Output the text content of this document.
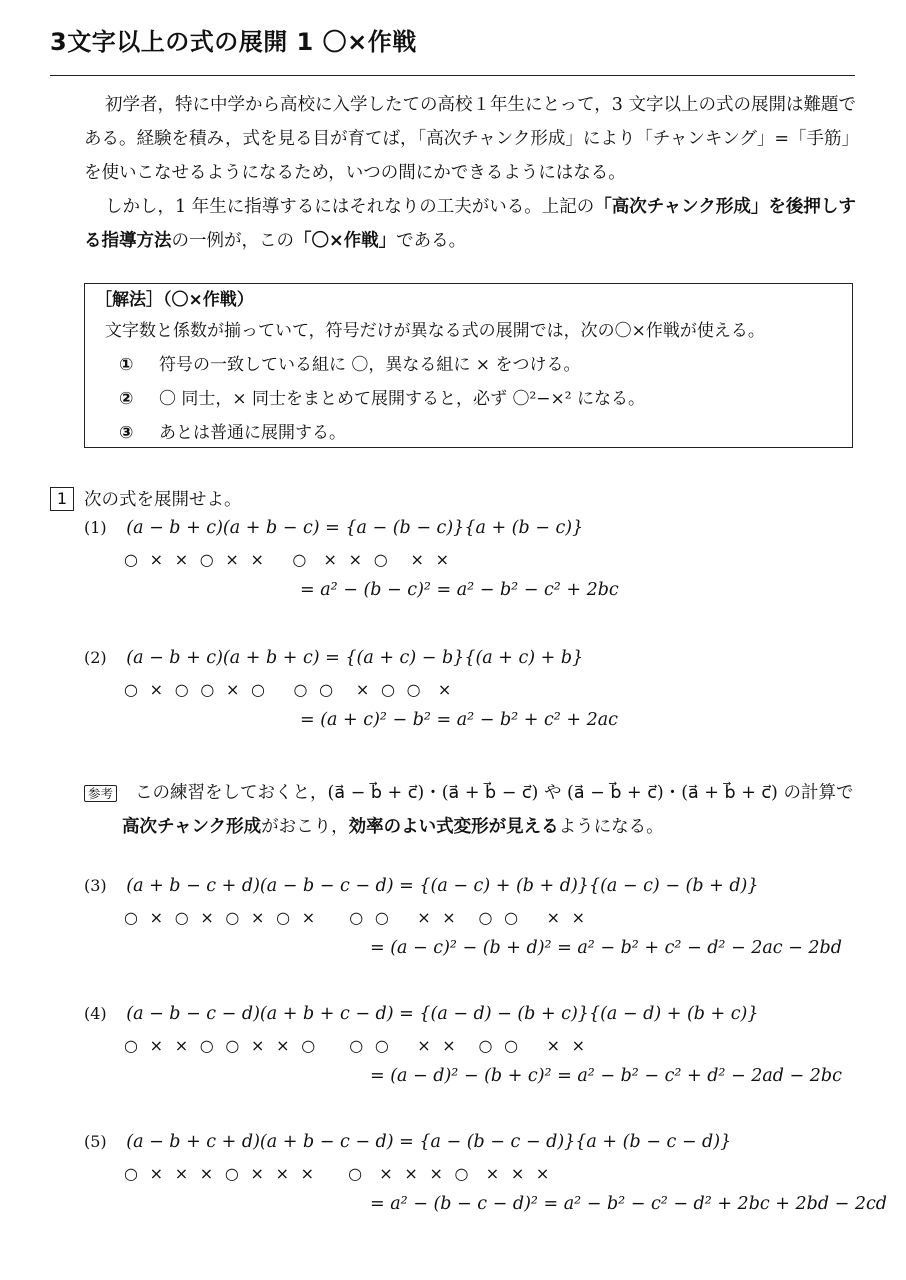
3文字以上の式の展開 1 〇×作戦

初学者，特に中学から高校に入学したての高校１年生にとって，3 文字以上の式の展開は難題である。経験を積み，式を見る目が育てば，「高次チャンク形成」により「チャンキング」=「手筋」を使いこなせるようになるため，いつの間にかできるようにはなる。

しかし，1 年生に指導するにはそれなりの工夫がいる。上記の「高次チャンク形成」を後押しする指導方法の一例が，この「〇×作戦」である。

［解法］（〇×作戦）
文字数と係数が揃っていて，符号だけが異なる式の展開では，次の〇×作戦が使える。
①	符号の一致している組に 〇，異なる組に × をつける。
②	〇 同士，× 同士をまとめて展開すると，必ず 〇²−×² になる。
③	あとは普通に展開する。
1 次の式を展開せよ。
(1) (a − b + c)(a + b − c) = {a − (b − c)}{a + (b − c)}
○  ×  ×  ○  ×  ×     ○   ×  ×  ○    ×  ×
= a² − (b − c)² = a² − b² − c² + 2bc
(2) (a − b + c)(a + b + c) = {(a + c) − b}{(a + c) + b}
○  ×  ○  ○  ×  ○     ○  ○    ×  ○  ○   ×
= (a + c)² − b² = a² − b² + c² + 2ac
参考 この練習をしておくと，(a⃗ − b⃗ + c⃗)・(a⃗ + b⃗ − c⃗) や (a⃗ − b⃗ + c⃗)・(a⃗ + b⃗ + c⃗) の計算で
高次チャンク形成がおこり，効率のよい式変形が見えるようになる。
(3) (a + b − c + d)(a − b − c − d) = {(a − c) + (b + d)}{(a − c) − (b + d)}
○  ×  ○  ×  ○  ×  ○  ×      ○  ○     ×  ×    ○  ○     ×  ×
= (a − c)² − (b + d)² = a² − b² + c² − d² − 2ac − 2bd
(4) (a − b − c − d)(a + b + c − d) = {(a − d) − (b + c)}{(a − d) + (b + c)}
○  ×  ×  ○  ○  ×  ×  ○      ○  ○     ×  ×    ○  ○     ×  ×
= (a − d)² − (b + c)² = a² − b² − c² + d² − 2ad − 2bc
(5) (a − b + c + d)(a + b − c − d) = {a − (b − c − d)}{a + (b − c − d)}
○  ×  ×  ×  ○  ×  ×  ×      ○   ×  ×  ×  ○   ×  ×  ×
= a² − (b − c − d)² = a² − b² − c² − d² + 2bc + 2bd − 2cd
